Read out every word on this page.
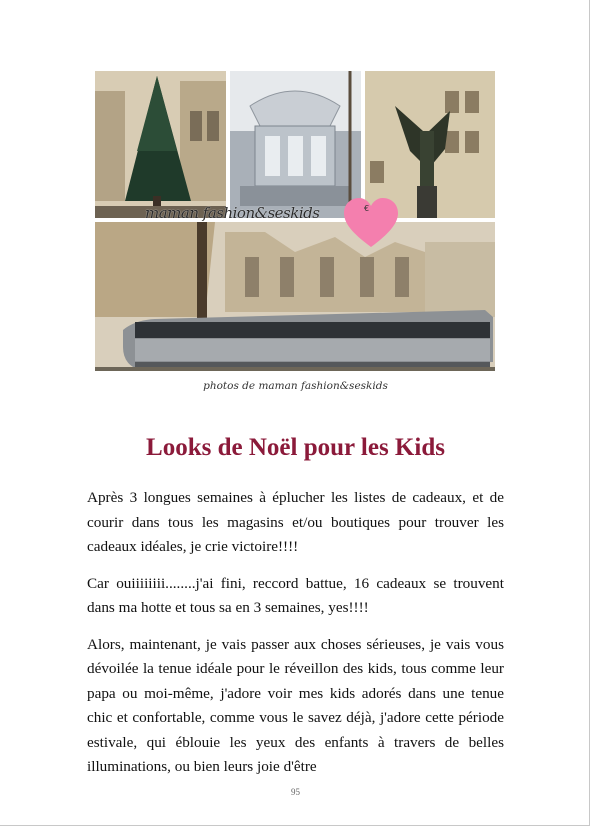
maman fashion&seskids	€
photos de maman fashion&seskids
Looks de Noël pour les Kids

Après 3 longues semaines à éplucher les listes de cadeaux, et de courir dans tous les magasins et/ou boutiques pour trouver les cadeaux idéales, je crie victoire!!!!

Car ouiiiiiiii........j'ai fini, reccord battue, 16 cadeaux se trouvent dans ma hotte et tous sa en 3 semaines, yes!!!!

Alors, maintenant, je vais passer aux choses sérieuses, je vais vous dévoilée la tenue idéale pour le réveillon des kids, tous comme leur papa ou moi-même, j'adore voir mes kids adorés dans une tenue chic et confortable, comme vous le savez déjà, j'adore cette période estivale, qui éblouie les yeux des enfants à travers de belles illuminations, ou bien leurs joie d'être

95
